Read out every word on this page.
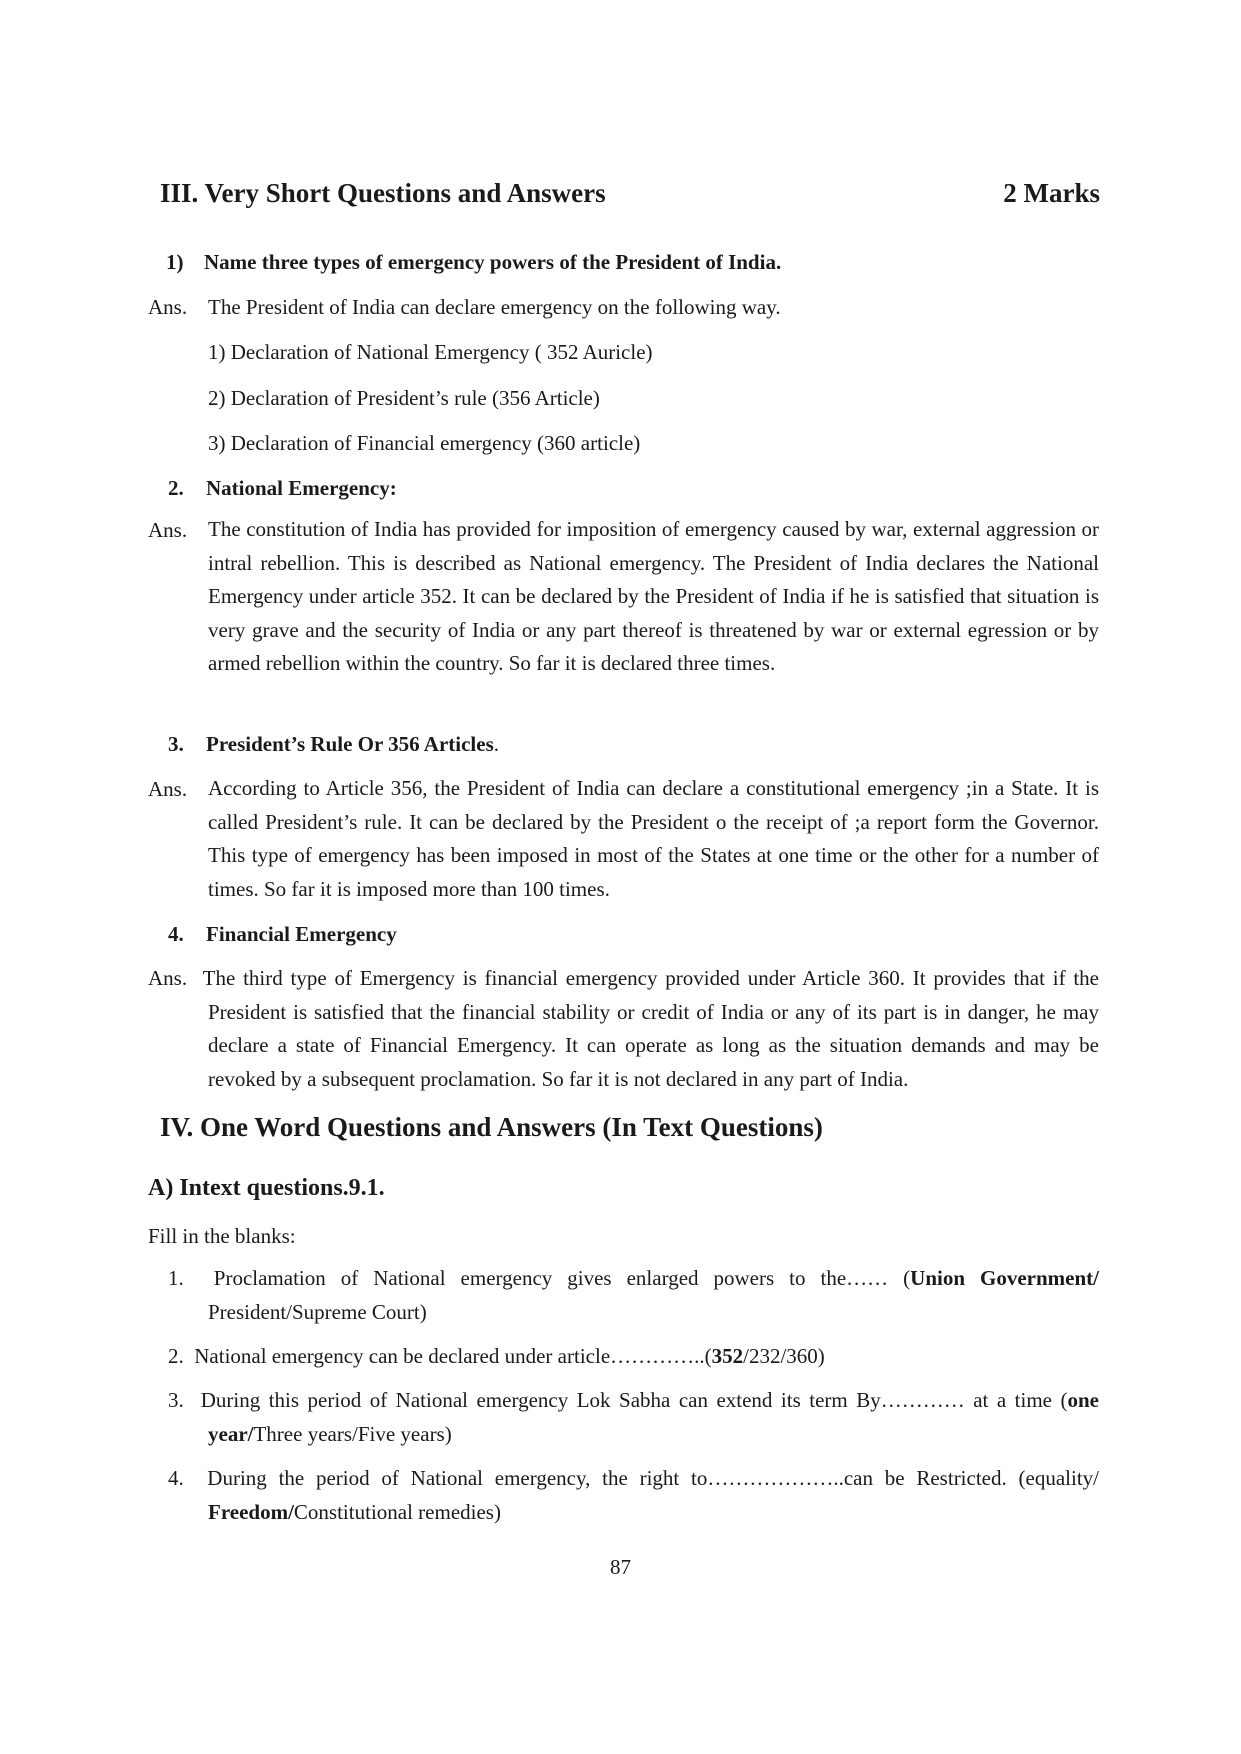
III. Very Short Questions and Answers	2 Marks
1) Name three types of emergency powers of the President of India.
Ans. The President of India can declare emergency on the following way.
1) Declaration of National Emergency ( 352 Auricle)
2) Declaration of President’s rule (356 Article)
3) Declaration of Financial emergency (360 article)
2. National Emergency:
Ans. The constitution of India has provided for imposition of emergency caused by war, external aggression or intral rebellion. This is described as National emergency. The President of India declares the National Emergency under article 352. It can be declared by the President of India if he is satisfied that situation is very grave and the security of India or any part thereof is threatened by war or external egression or by armed rebellion within the country. So far it is declared three times.
3. President’s Rule Or 356 Articles.
Ans. According to Article 356, the President of India can declare a constitutional emergency ;in a State. It is called President’s rule. It can be declared by the President o the receipt of ;a report form the Governor. This type of emergency has been imposed in most of the States at one time or the other for a number of times. So far it is imposed more than 100 times.
4. Financial Emergency
Ans. The third type of Emergency is financial emergency provided under Article 360. It provides that if the President is satisfied that the financial stability or credit of India or any of its part is in danger, he may declare a state of Financial Emergency. It can operate as long as the situation demands and may be revoked by a subsequent proclamation. So far it is not declared in any part of India.
IV. One Word Questions and Answers (In Text Questions)
A) Intext questions.9.1.
Fill in the blanks:
1. Proclamation of National emergency gives enlarged powers to the…… (Union Government/ President/Supreme Court)
2. National emergency can be declared under article…………..(352/232/360)
3. During this period of National emergency Lok Sabha can extend its term By………… at a time (one year/Three years/Five years)
4. During the period of National emergency, the right to………………..can be Restricted. (equality/ Freedom/Constitutional remedies)
87
